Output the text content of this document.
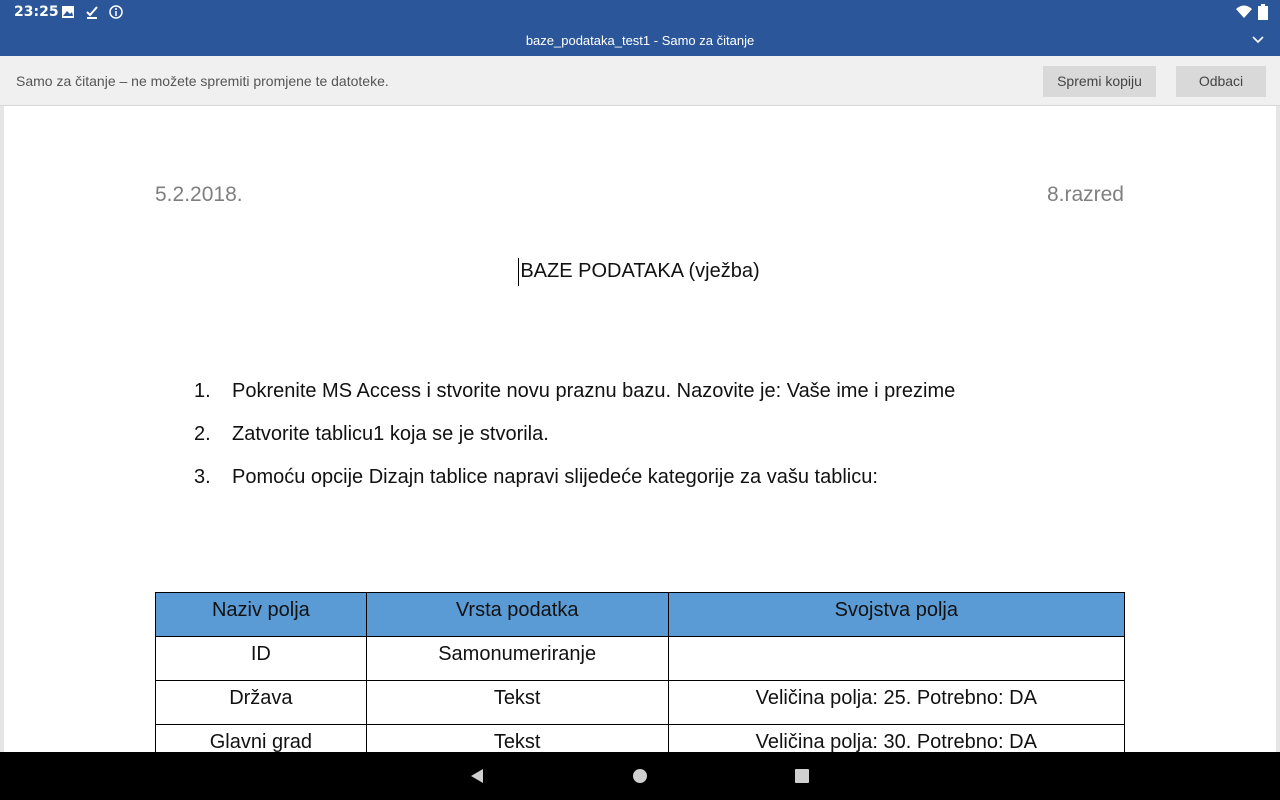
23:25
baze_podataka_test1 - Samo za čitanje
Samo za čitanje – ne možete spremiti promjene te datoteke.	Spremi kopiju	Odbaci
5.2.2018.	8.razred
BAZE PODATAKA (vježba)
1.	Pokrenite MS Access i stvorite novu praznu bazu. Nazovite je: Vaše ime i prezime
2.	Zatvorite tablicu1 koja se je stvorila.
3.	Pomoću opcije Dizajn tablice napravi slijedeće kategorije za vašu tablicu:
Naziv polja	Vrsta podatka	Svojstva polja
ID	Samonumeriranje	
Država	Tekst	Veličina polja: 25. Potrebno: DA
Glavni grad	Tekst	Veličina polja: 30. Potrebno: DA
